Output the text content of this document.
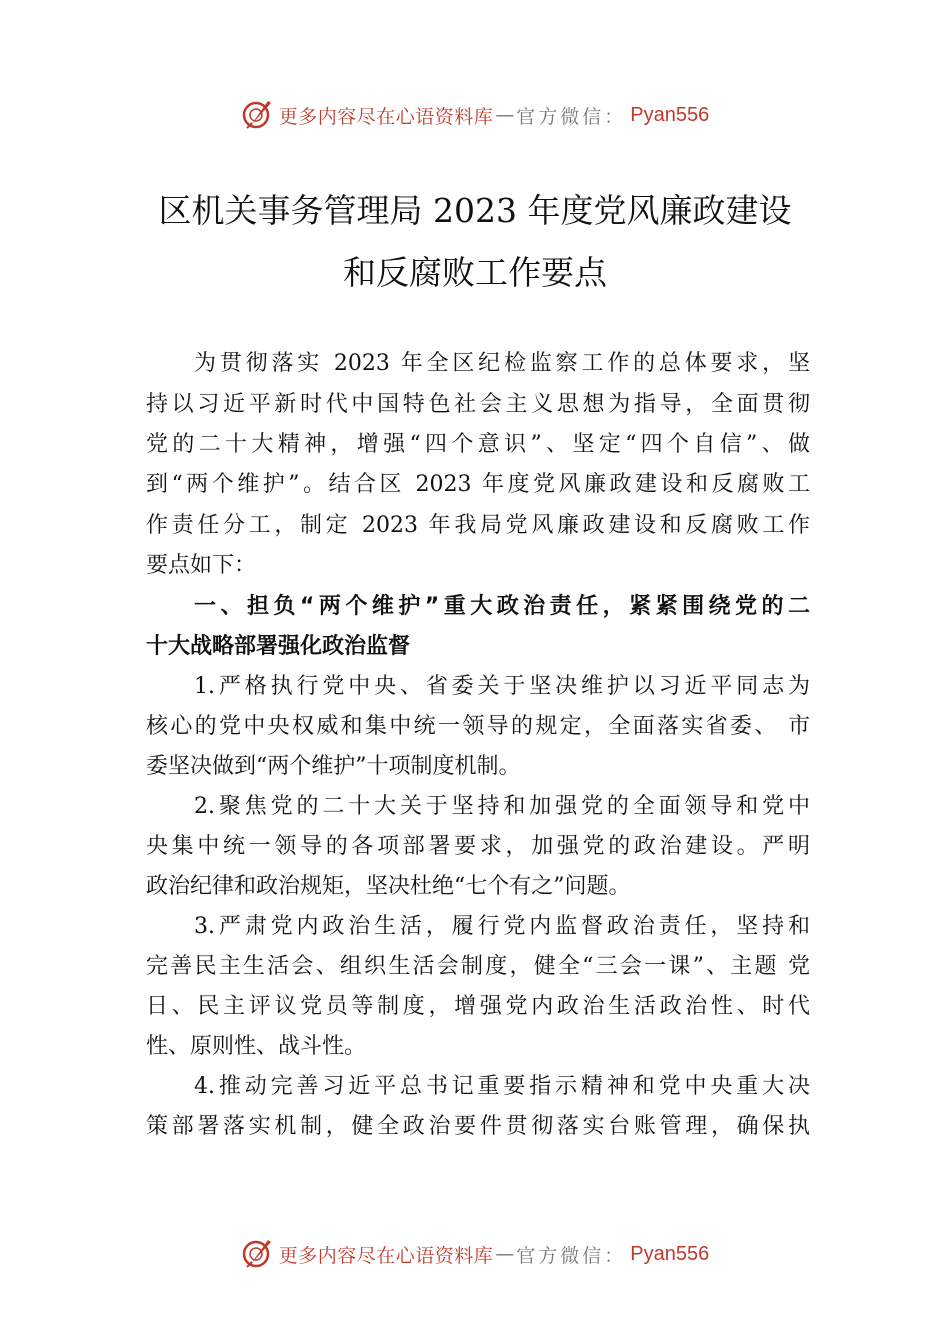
更多内容尽在心语资料库 — 官方微信： Pyan556
区机关事务管理局 2023 年度党风廉政建设
和反腐败工作要点
为贯彻落实 2023 年全区纪检监察工作的总体要求，坚
持以习近平新时代中国特色社会主义思想为指导，全面贯彻
党的二十大精神，增强“四个意识”、坚定“四个自信”、做
到“两个维护”。结合区 2023 年度党风廉政建设和反腐败工
作责任分工，制定 2023 年我局党风廉政建设和反腐败工作
要点如下：
一、担负“两个维护”重大政治责任，紧紧围绕党的二
十大战略部署强化政治监督
1.严格执行党中央、省委关于坚决维护以习近平同志为
核心的党中央权威和集中统一领导的规定，全面落实省委、 市
委坚决做到“两个维护”十项制度机制。
2.聚焦党的二十大关于坚持和加强党的全面领导和党中
央集中统一领导的各项部署要求，加强党的政治建设。严明
政治纪律和政治规矩，坚决杜绝“七个有之”问题。
3.严肃党内政治生活，履行党内监督政治责任，坚持和
完善民主生活会、组织生活会制度，健全“三会一课”、主题 党
日、民主评议党员等制度，增强党内政治生活政治性、时代
性、原则性、战斗性。
4.推动完善习近平总书记重要指示精神和党中央重大决
策部署落实机制，健全政治要件贯彻落实台账管理，确保执
更多内容尽在心语资料库 — 官方微信： Pyan556
